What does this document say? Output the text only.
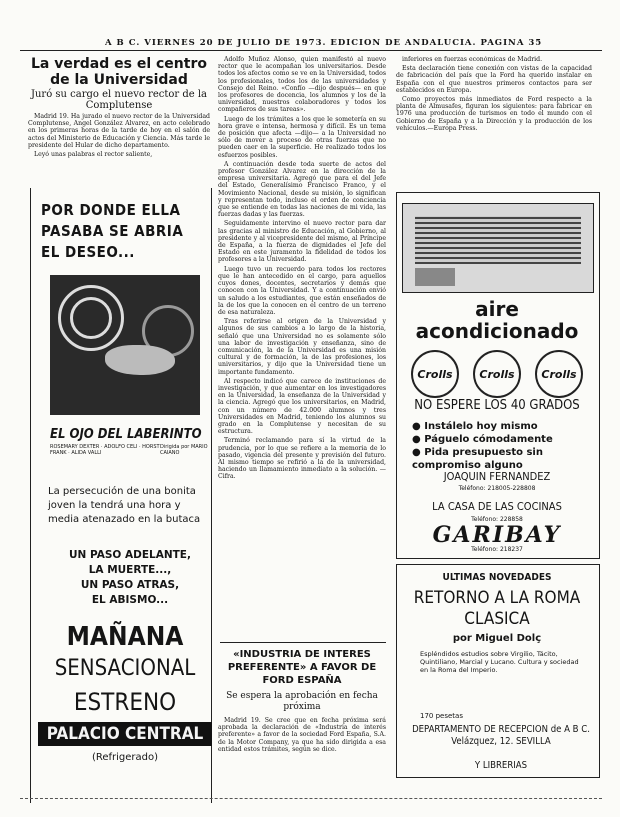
A B C. VIERNES 20 DE JULIO DE 1973. EDICION DE ANDALUCIA. PAGINA 35
La verdad es el centro de la Universidad
Juró su cargo el nuevo rector de la Complutense

Madrid 19. Ha jurado el nuevo rector de la Universidad Complutense, Angel González Alvarez, en acto celebrado en los primeras horas de la tarde de hoy en el salón de actos del Ministerio de Educación y Ciencia. Más tarde le presidente del Hular de dicho departamento.

Leyó unas palabras el rector saliente,

POR DONDE ELLA PASABA SE ABRIA EL DESEO...
EL OJO DEL LABERINTO
ROSEMARY DEXTER · ADOLFO CELI · HORST FRANK · ALIDA VALLI
Dirigida por MARIO CAIANO
La persecución de una bonita joven la tendrá una hora y media atenazado en la butaca
UN PASO ADELANTE,
LA MUERTE...,
UN PASO ATRAS,
EL ABISMO...
MAÑANA
SENSACIONAL
ESTRENO
PALACIO CENTRAL
(Refrigerado)

Adolfo Muñoz Alonso, quien manifestó al nuevo rector que le acompañan los universitarios. Desde todos los afectos como se ve en la Universidad, todos los profesionales, todos los de las universidades y Consejo del Reino. «Confío —dijo después— en que los profesores de docencia, los alumnos y los de la universidad, nuestros colaboradores y todos los compañeros de sus tareas».

Luego de los trámites a los que le sometería en su hora grave e intensa, hermosa y difícil. Es un tema de posición que afecta —dijo— a la Universidad no sólo de mover a proceso de otras fuerzas que no pueden caer en la superficie. He realizado todos los esfuerzos posibles.

A continuación desde toda suerte de actos del profesor González Alvarez en la dirección de la empresa universitaria. Agregó que para el del Jefe del Estado, Generalísimo Francisco Franco, y el Movimiento Nacional, desde su misión, lo significan y representan todo, incluso el orden de conciencia que se entiende en todas las naciones de mi vida, las fuerzas dadas y las fuerzas.

Seguidamente intervino el nuevo rector para dar las gracias al ministro de Educación, al Gobierno, al presidente y al vicepresidente del mismo, al Príncipe de España, a la fuerza de dignidades el Jefe del Estado en este juramento la fidelidad de todos los profesores a la Universidad.

Luego tuvo un recuerdo para todos los rectores que le han antecedido en el cargo, para aquellos cuyos dones, docentes, secretarios y demás que conocen con la Universidad. Y a continuación envió un saludo a los estudiantes, que están enseñados de la de los que la conocen en el centro de un terreno de esa naturaleza.

Tras referirse al origen de la Universidad y algunos de sus cambios a lo largo de la historia, señaló que una Universidad no es solamente sólo una labor de investigación y enseñanza, sino de comunicación, la de la Universidad es una misión cultural y de formación, la de las profesiones, los universitarios, y dijo que la Universidad tiene un importante fundamento.

Al respecto indicó que carece de instituciones de investigación, y que aumentar en los investigadores en la Universidad, la enseñanza de la Universidad y la ciencia. Agregó que los universitarios, en Madrid, con un número de 42.000 alumnos y tres Universidades en Madrid, teniendo los alumnos su grado en la Complutense y necesitan de su estructura.

Terminó reclamando para sí la virtud de la prudencia, por lo que se refiere a la memoria de lo pasado, vigencia del presente y previsión del futuro. Al mismo tiempo se refirió a la de la universidad, haciendo un llamamiento inmediato a la solución. —Cifra.

«INDUSTRIA DE INTERES PREFERENTE» A FAVOR DE FORD ESPAÑA
Se espera la aprobación en fecha próxima

Madrid 19. Se cree que en fecha próxima será aprobada la declaración de «Industria de interés preferente» a favor de la sociedad Ford España, S.A. de la Motor Company, ya que ha sido dirigida a esa entidad estos trámites, según se dice.

inferiores en fuerzas económicas de Madrid.

Esta declaración tiene conexión con vistas de la capacidad de fabricación del país que la Ford ha querido instalar en España con el que nuestros primeros contactos para ser establecidos en Europa.

Como proyectos más inmediatos de Ford respecto a la planta de Almusafes, figuran los siguientes: para fabricar en 1976 una producción de turismos en todo el mundo con el Gobierno de España y a la Dirección y la producción de los vehículos.—Europa Press.

aire
acondicionado
Crolls	Crolls	Crolls
NO ESPERE LOS 40 GRADOS
● Instálelo hoy mismo
● Páguelo cómodamente
● Pida presupuesto sin compromiso alguno
JOAQUIN FERNANDEZ
Teléfono: 218005-228808
LA CASA DE LAS COCINAS
Teléfono: 228858
GARIBAY
Teléfono: 218237
ULTIMAS NOVEDADES
RETORNO A LA ROMA CLASICA
por Miguel Dolç
Espléndidos estudios sobre Virgilio, Tácito, Quintiliano, Marcial y Lucano. Cultura y sociedad en la Roma del Imperio.
170 pesetas
DEPARTAMENTO DE RECEPCION de A B C. Velázquez, 12. SEVILLA
Y LIBRERIAS
